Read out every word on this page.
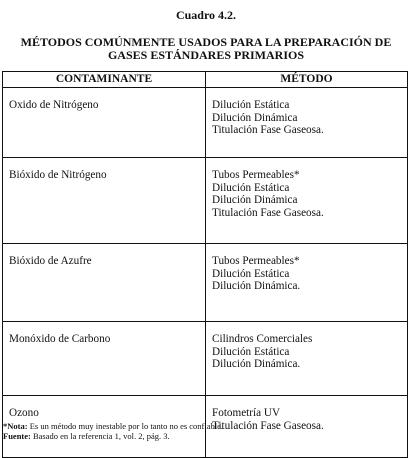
Cuadro 4.2.
MÉTODOS COMÚNMENTE USADOS PARA LA PREPARACIÓN DE GASES ESTÁNDARES PRIMARIOS
CONTAMINANTE	MÉTODO

Oxido de Nitrógeno	Dilución Estática
Dilución Dinámica
Titulación Fase Gaseosa.

Bióxido de Nitrógeno	Tubos Permeables*
Dilución Estática
Dilución Dinámica
Titulación Fase Gaseosa.

Bióxido de Azufre	Tubos Permeables*
Dilución Estática
Dilución Dinámica.

Monóxido de Carbono	Cilindros Comerciales
Dilución Estática
Dilución Dinámica.

Ozono	Fotometría UV
Titulación Fase Gaseosa.
*Nota: Es un método muy inestable por lo tanto no es confiable.
Fuente: Basado en la referencia 1, vol. 2, pág. 3.
